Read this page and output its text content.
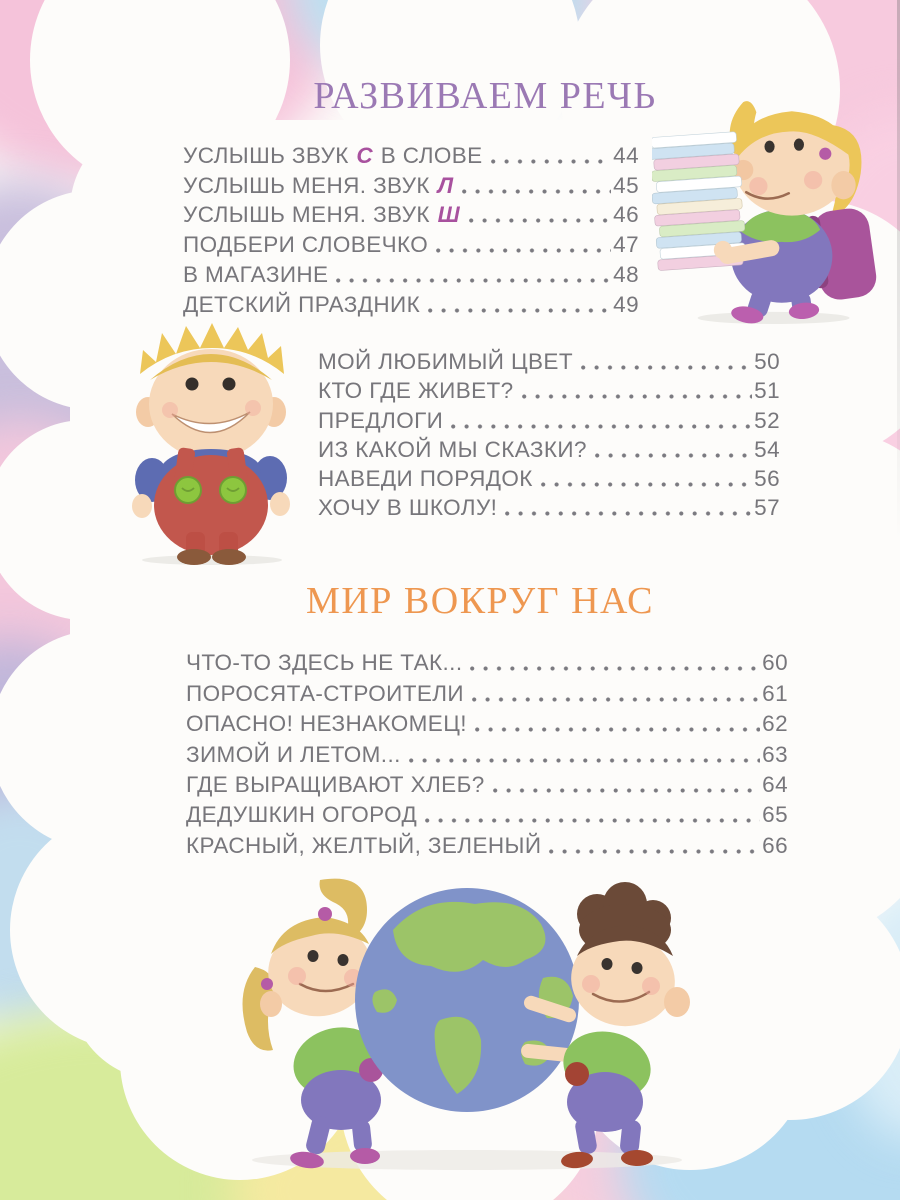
РАЗВИВАЕМ РЕЧЬ
УСЛЫШЬ ЗВУК С В СЛОВЕ	44
УСЛЫШЬ МЕНЯ. ЗВУК Л	45
УСЛЫШЬ МЕНЯ. ЗВУК Ш	46
ПОДБЕРИ СЛОВЕЧКО	47
В МАГАЗИНЕ	48
ДЕТСКИЙ ПРАЗДНИК	49
МОЙ ЛЮБИМЫЙ ЦВЕТ	50
КТО ГДЕ ЖИВЕТ?	51
ПРЕДЛОГИ	52
ИЗ КАКОЙ МЫ СКАЗКИ?	54
НАВЕДИ ПОРЯДОК	56
ХОЧУ В ШКОЛУ!	57
МИР ВОКРУГ НАС
ЧТО-ТО ЗДЕСЬ НЕ ТАК...	60
ПОРОСЯТА-СТРОИТЕЛИ	61
ОПАСНО! НЕЗНАКОМЕЦ!	62
ЗИМОЙ И ЛЕТОМ...	63
ГДЕ ВЫРАЩИВАЮТ ХЛЕБ?	64
ДЕДУШКИН ОГОРОД	65
КРАСНЫЙ, ЖЕЛТЫЙ, ЗЕЛЕНЫЙ	66
